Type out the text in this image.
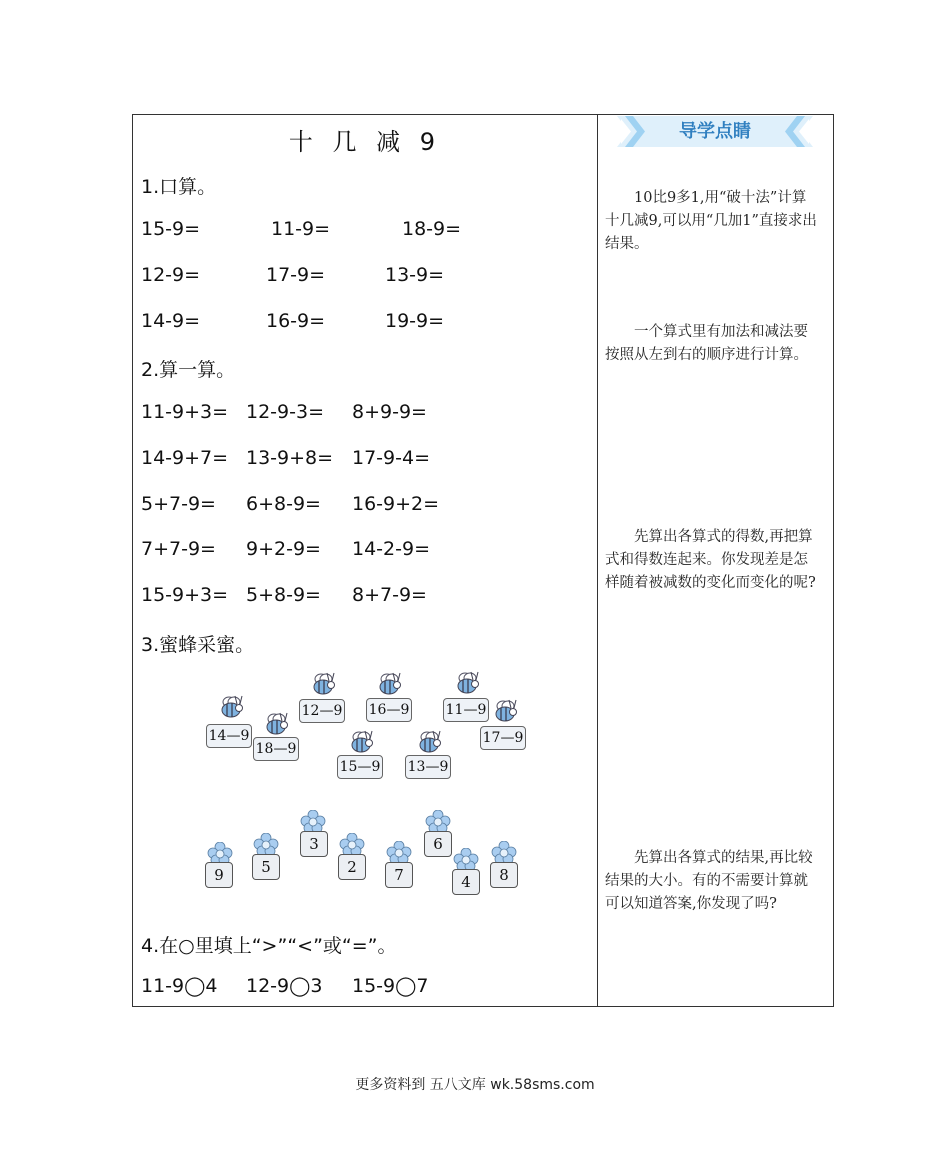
十 几 减 9
1.口算。
15-9=	11-9=	18-9=
12-9=	17-9=	13-9=
14-9=	16-9=	19-9=
2.算一算。
11-9+3= 12-9-3= 8+9-9=
14-9+7= 13-9+8= 17-9-4=
5+7-9= 6+8-9= 16-9+2=
7+7-9= 9+2-9= 14-2-9=
15-9+3= 5+8-9= 8+7-9=
3.蜜蜂采蜜。
14—9
18—9
12—9
15—9
16—9
13—9
11—9
17—9
9	5
3
2	7
6
4	8
4.在○里填上“>”“<”或“=”。
11-9◯4 12-9◯3 15-9◯7
导学点睛
10比9多1,用“破十法”计算十几减9,可以用“几加1”直接求出结果。
一个算式里有加法和减法要按照从左到右的顺序进行计算。
先算出各算式的得数,再把算式和得数连起来。你发现差是怎样随着被减数的变化而变化的呢?
先算出各算式的结果,再比较结果的大小。有的不需要计算就可以知道答案,你发现了吗?
更多资料到 五八文库 wk.58sms.com
